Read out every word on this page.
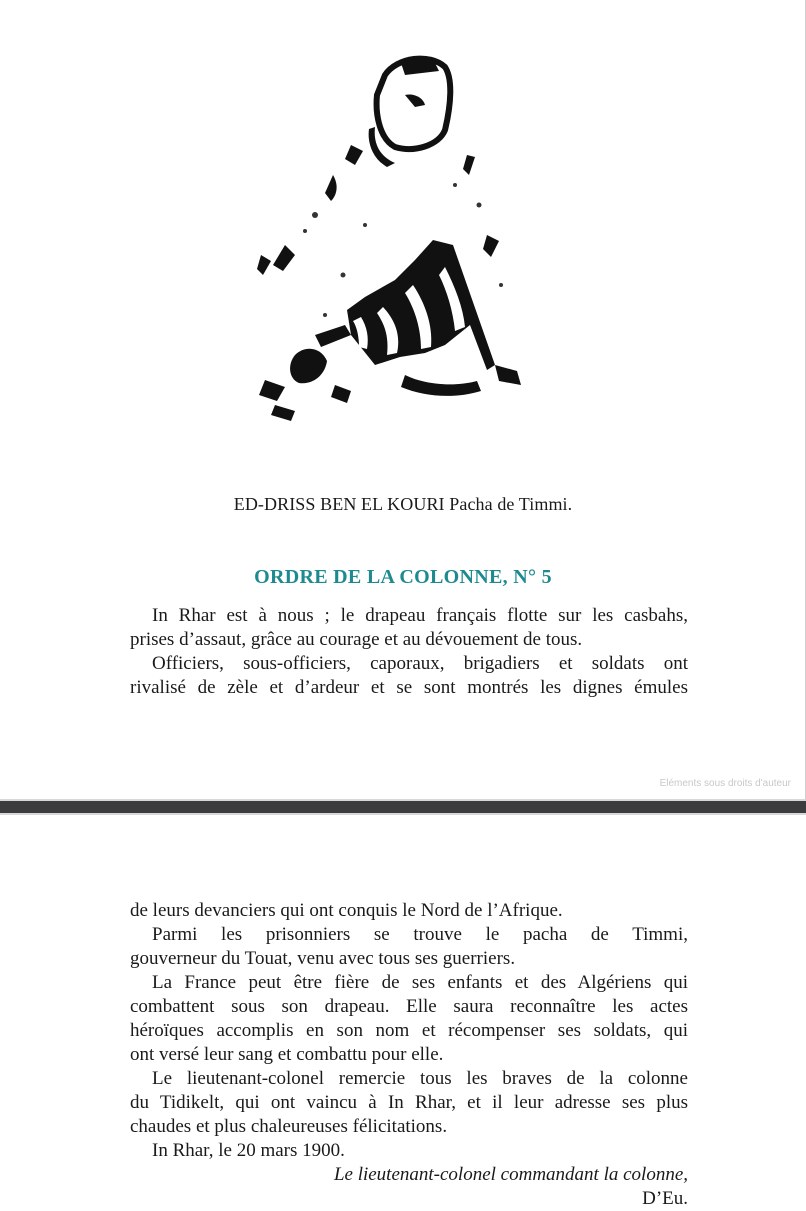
ED-DRISS BEN EL KOURI Pacha de Timmi.
ORDRE DE LA COLONNE, N° 5
In Rhar est à nous ; le drapeau français flotte sur les casbahs,
prises d’assaut, grâce au courage et au dévouement de tous.
Officiers, sous-officiers, caporaux, brigadiers et soldats ont
rivalisé de zèle et d’ardeur et se sont montrés les dignes émules
Eléments sous droits d'auteur
de leurs devanciers qui ont conquis le Nord de l’Afrique.
Parmi les prisonniers se trouve le pacha de Timmi,
gouverneur du Touat, venu avec tous ses guerriers.
La France peut être fière de ses enfants et des Algériens qui
combattent sous son drapeau. Elle saura reconnaître les actes
héroïques accomplis en son nom et récompenser ses soldats, qui
ont versé leur sang et combattu pour elle.
Le lieutenant-colonel remercie tous les braves de la colonne
du Tidikelt, qui ont vaincu à In Rhar, et il leur adresse ses plus
chaudes et plus chaleureuses félicitations.
In Rhar, le 20 mars 1900.
Le lieutenant-colonel commandant la colonne,
D’Eu.
